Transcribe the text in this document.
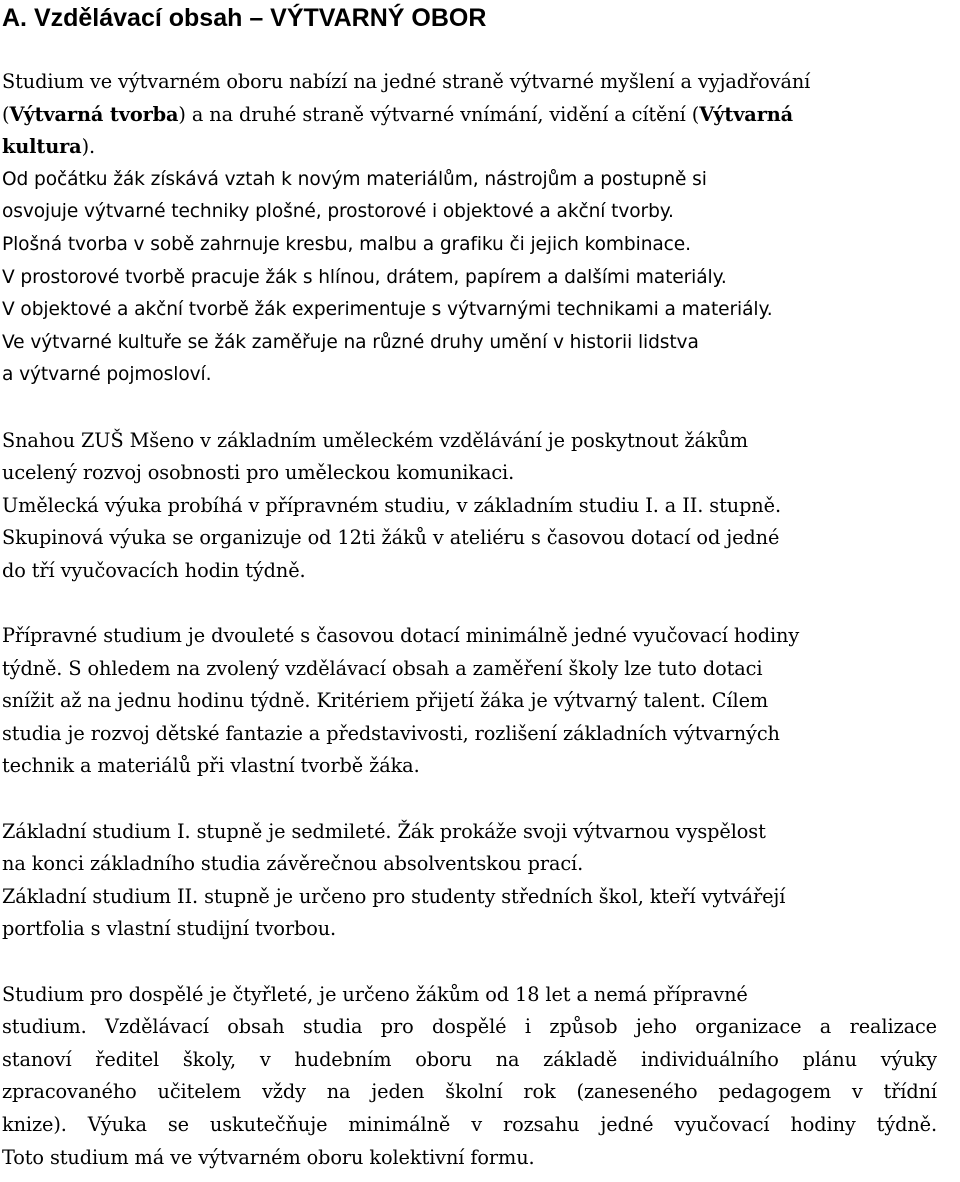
A. Vzdělávací obsah – VÝTVARNÝ OBOR
Studium ve výtvarném oboru nabízí na jedné straně výtvarné myšlení a vyjadřování
(Výtvarná tvorba) a na druhé straně výtvarné vnímání, vidění a cítění (Výtvarná
kultura).
Od počátku žák získává vztah k novým materiálům, nástrojům a postupně si
osvojuje výtvarné techniky plošné, prostorové i objektové a akční tvorby.
Plošná tvorba v sobě zahrnuje kresbu, malbu a grafiku či jejich kombinace.
V prostorové tvorbě pracuje žák s hlínou, drátem, papírem a dalšími materiály.
V objektové a akční tvorbě žák experimentuje s výtvarnými technikami a materiály.
Ve výtvarné kultuře se žák zaměřuje na různé druhy umění v historii lidstva
a výtvarné pojmosloví.
Snahou ZUŠ Mšeno v základním uměleckém vzdělávání je poskytnout žákům
ucelený rozvoj osobnosti pro uměleckou komunikaci.
Umělecká výuka probíhá v přípravném studiu, v základním studiu I. a II. stupně.
Skupinová výuka se organizuje od 12ti žáků v ateliéru s časovou dotací od jedné
do tří vyučovacích hodin týdně.
Přípravné studium je dvouleté s časovou dotací minimálně jedné vyučovací hodiny
týdně. S ohledem na zvolený vzdělávací obsah a zaměření školy lze tuto dotaci
snížit až na jednu hodinu týdně. Kritériem přijetí žáka je výtvarný talent. Cílem
studia je rozvoj dětské fantazie a představivosti, rozlišení základních výtvarných
technik a materiálů při vlastní tvorbě žáka.
Základní studium I. stupně je sedmileté. Žák prokáže svoji výtvarnou vyspělost
na konci základního studia závěrečnou absolventskou prací.
Základní studium II. stupně je určeno pro studenty středních škol, kteří vytvářejí
portfolia s vlastní studijní tvorbou.
Studium pro dospělé je čtyřleté, je určeno žákům od 18 let a nemá přípravné
studium. Vzdělávací obsah studia pro dospělé i způsob jeho organizace a realizace
stanoví ředitel školy, v hudebním oboru na základě individuálního plánu výuky
zpracovaného učitelem vždy na jeden školní rok (zaneseného pedagogem v třídní
knize). Výuka se uskutečňuje minimálně v rozsahu jedné vyučovací hodiny týdně.
Toto studium má ve výtvarném oboru kolektivní formu.
